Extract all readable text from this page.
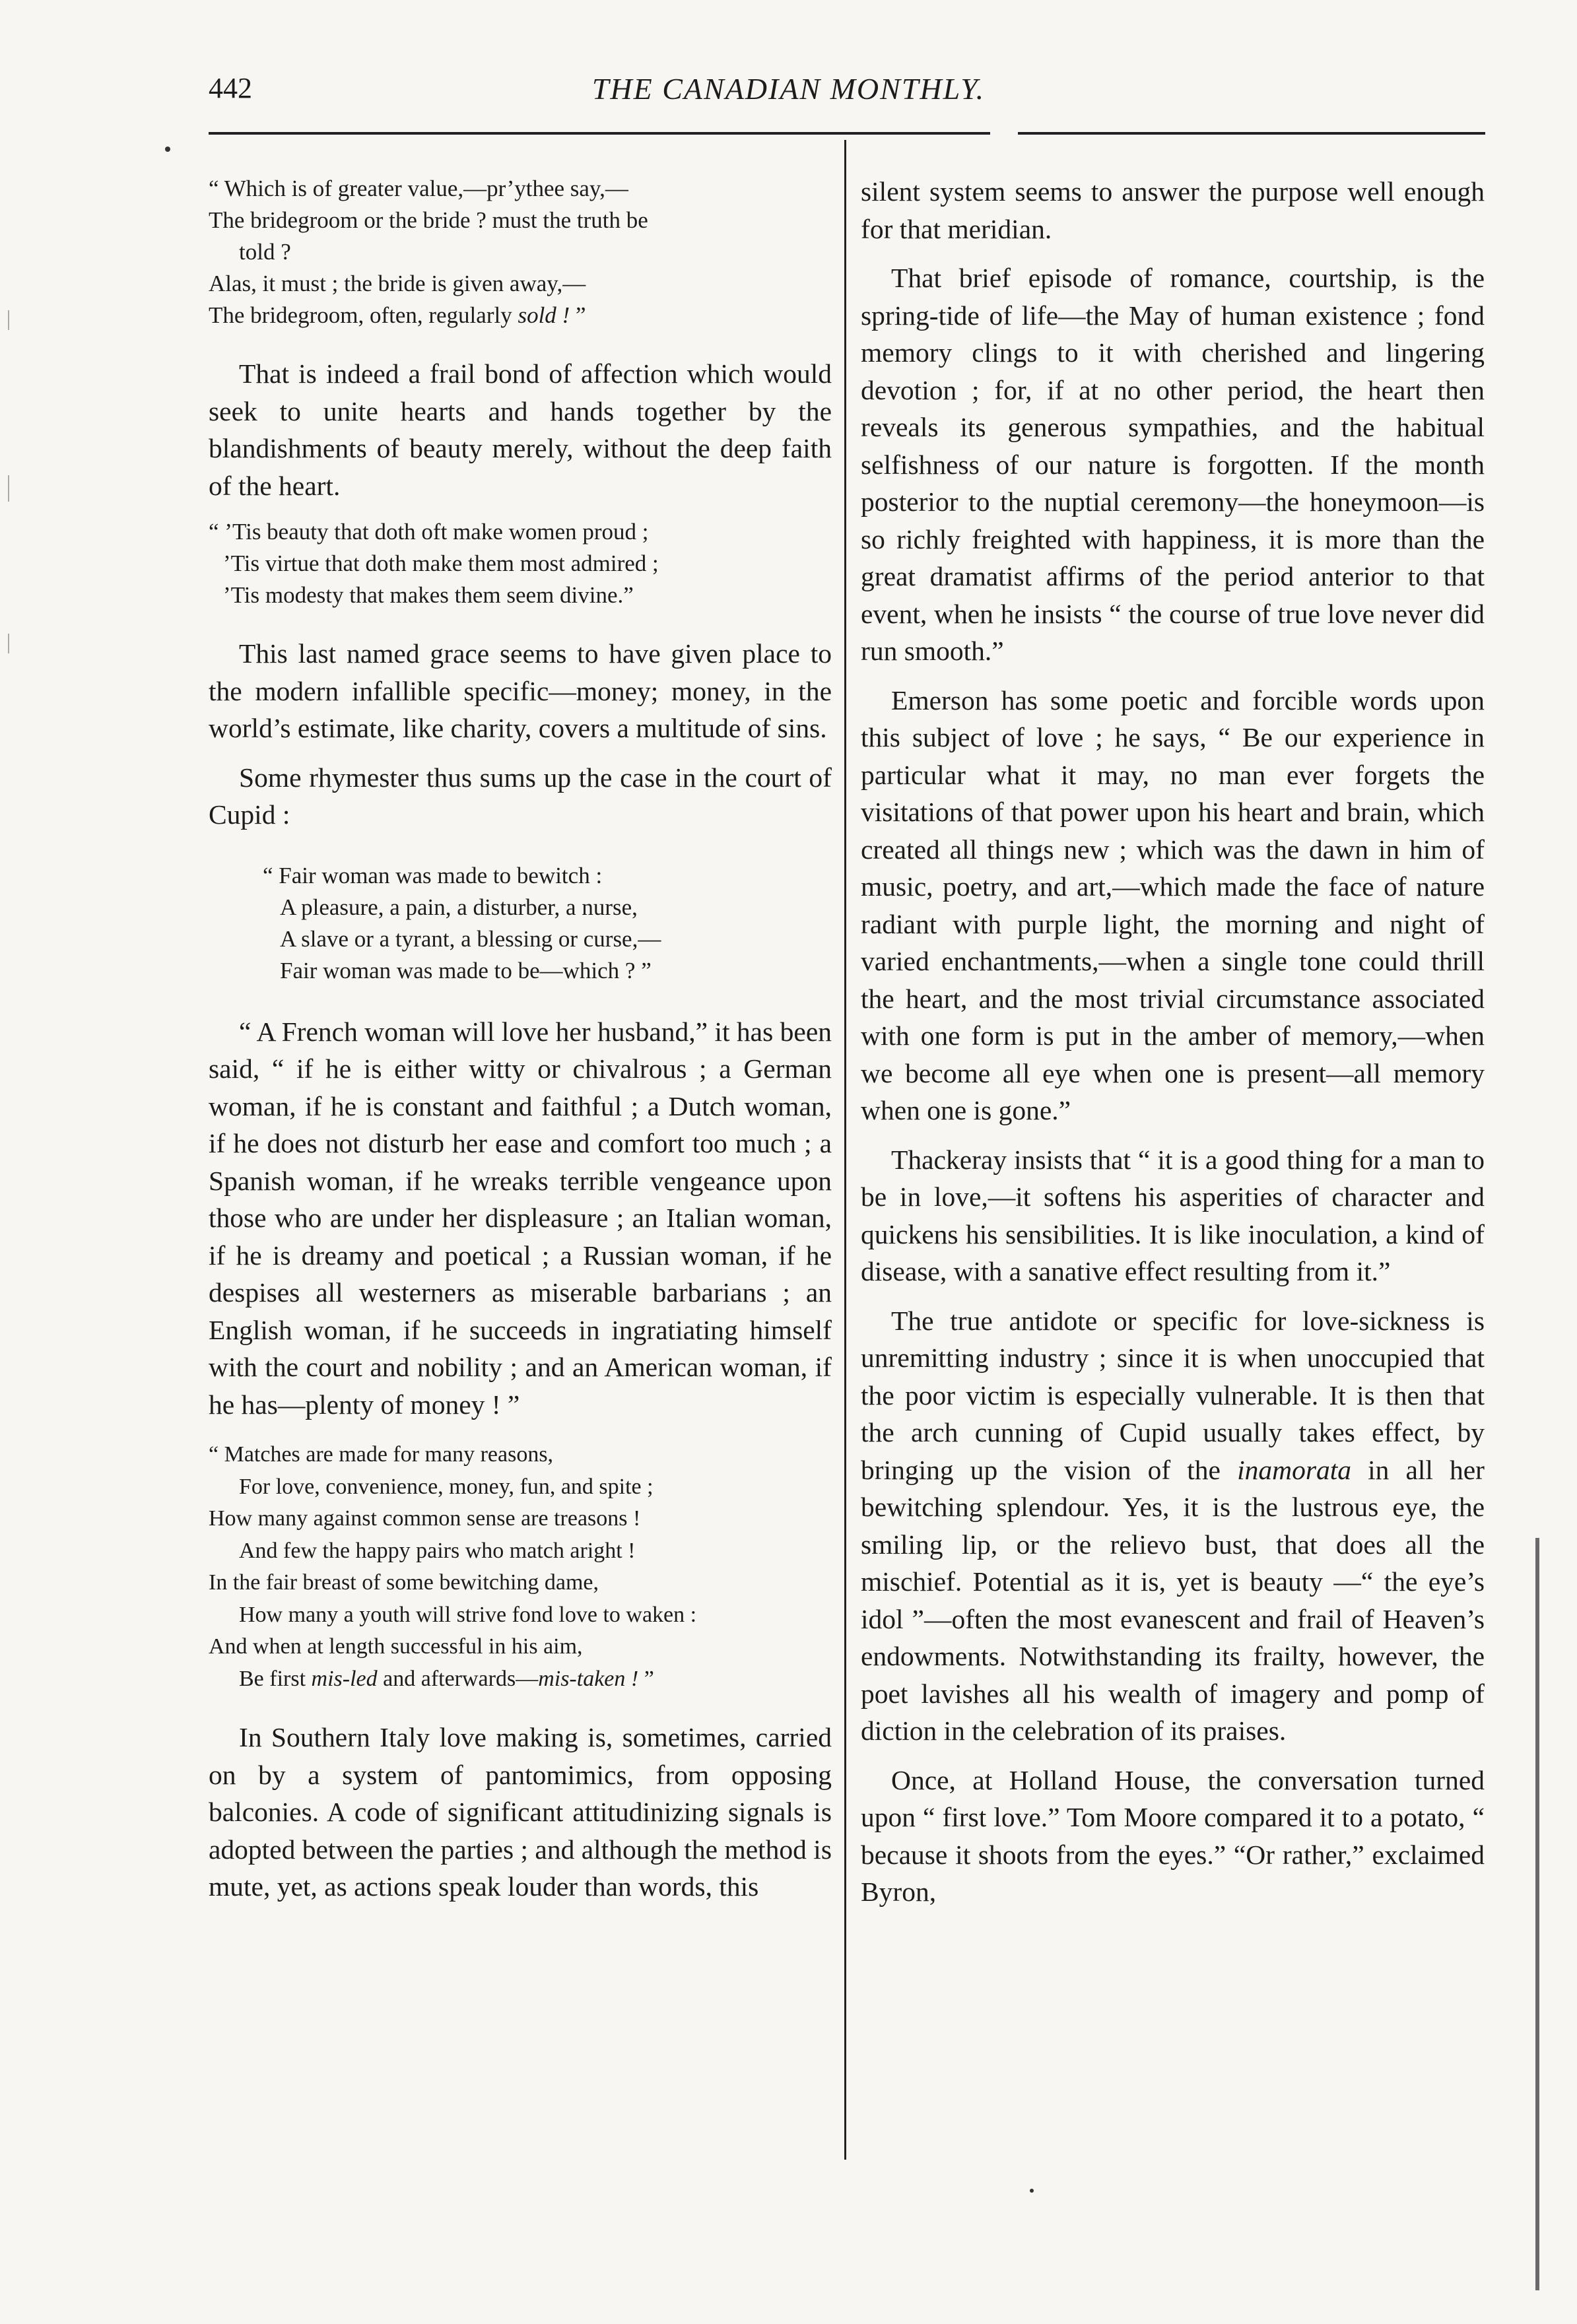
442	THE CANADIAN MONTHLY.
“ Which is of greater value,—pr’ythee say,—
The bridegroom or the bride ? must the truth be
told ?
Alas, it must ; the bride is given away,—
The bridegroom, often, regularly sold ! ”

That is indeed a frail bond of affection which would seek to unite hearts and hands together by the blandishments of beauty merely, without the deep faith of the heart.

“ ’Tis beauty that doth oft make women proud ;
’Tis virtue that doth make them most admired ;
’Tis modesty that makes them seem divine.”

This last named grace seems to have given place to the modern infallible specific—money; money, in the world’s estimate, like charity, covers a multitude of sins.

Some rhymester thus sums up the case in the court of Cupid :

“ Fair woman was made to bewitch :
A pleasure, a pain, a disturber, a nurse,
A slave or a tyrant, a blessing or curse,—
Fair woman was made to be—which ? ”

“ A French woman will love her husband,” it has been said, “ if he is either witty or chivalrous ; a German woman, if he is constant and faithful ; a Dutch woman, if he does not disturb her ease and comfort too much ; a Spanish woman, if he wreaks terrible vengeance upon those who are under her displeasure ; an Italian woman, if he is dreamy and poetical ; a Russian woman, if he despises all westerners as miserable barbarians ; an English woman, if he succeeds in ingratiating himself with the court and nobility ; and an American woman, if he has—plenty of money ! ”

“ Matches are made for many reasons,
For love, convenience, money, fun, and spite ;
How many against common sense are treasons !
And few the happy pairs who match aright !
In the fair breast of some bewitching dame,
How many a youth will strive fond love to waken :
And when at length successful in his aim,
Be first mis-led and afterwards—mis-taken ! ”

In Southern Italy love making is, sometimes, carried on by a system of pantomimics, from opposing balconies. A code of significant attitudinizing signals is adopted between the parties ; and although the method is mute, yet, as actions speak louder than words, this

silent system seems to answer the purpose well enough for that meridian.

That brief episode of romance, courtship, is the spring-tide of life—the May of human existence ; fond memory clings to it with cherished and lingering devotion ; for, if at no other period, the heart then reveals its generous sympathies, and the habitual selfishness of our nature is forgotten. If the month posterior to the nuptial ceremony—the honeymoon—is so richly freighted with happiness, it is more than the great dramatist affirms of the period anterior to that event, when he insists “ the course of true love never did run smooth.”

Emerson has some poetic and forcible words upon this subject of love ; he says, “ Be our experience in particular what it may, no man ever forgets the visitations of that power upon his heart and brain, which created all things new ; which was the dawn in him of music, poetry, and art,—which made the face of nature radiant with purple light, the morning and night of varied enchantments,—when a single tone could thrill the heart, and the most trivial circumstance associated with one form is put in the amber of memory,—when we become all eye when one is present—all memory when one is gone.”

Thackeray insists that “ it is a good thing for a man to be in love,—it softens his asperities of character and quickens his sensibilities. It is like inoculation, a kind of disease, with a sanative effect resulting from it.”

The true antidote or specific for love-sickness is unremitting industry ; since it is when unoccupied that the poor victim is especially vulnerable. It is then that the arch cunning of Cupid usually takes effect, by bringing up the vision of the inamorata in all her bewitching splendour. Yes, it is the lustrous eye, the smiling lip, or the relievo bust, that does all the mischief. Potential as it is, yet is beauty —“ the eye’s idol ”—often the most evanescent and frail of Heaven’s endowments. Notwithstanding its frailty, however, the poet lavishes all his wealth of imagery and pomp of diction in the celebration of its praises.

Once, at Holland House, the conversation turned upon “ first love.” Tom Moore compared it to a potato, “ because it shoots from the eyes.” “Or rather,” exclaimed Byron,
